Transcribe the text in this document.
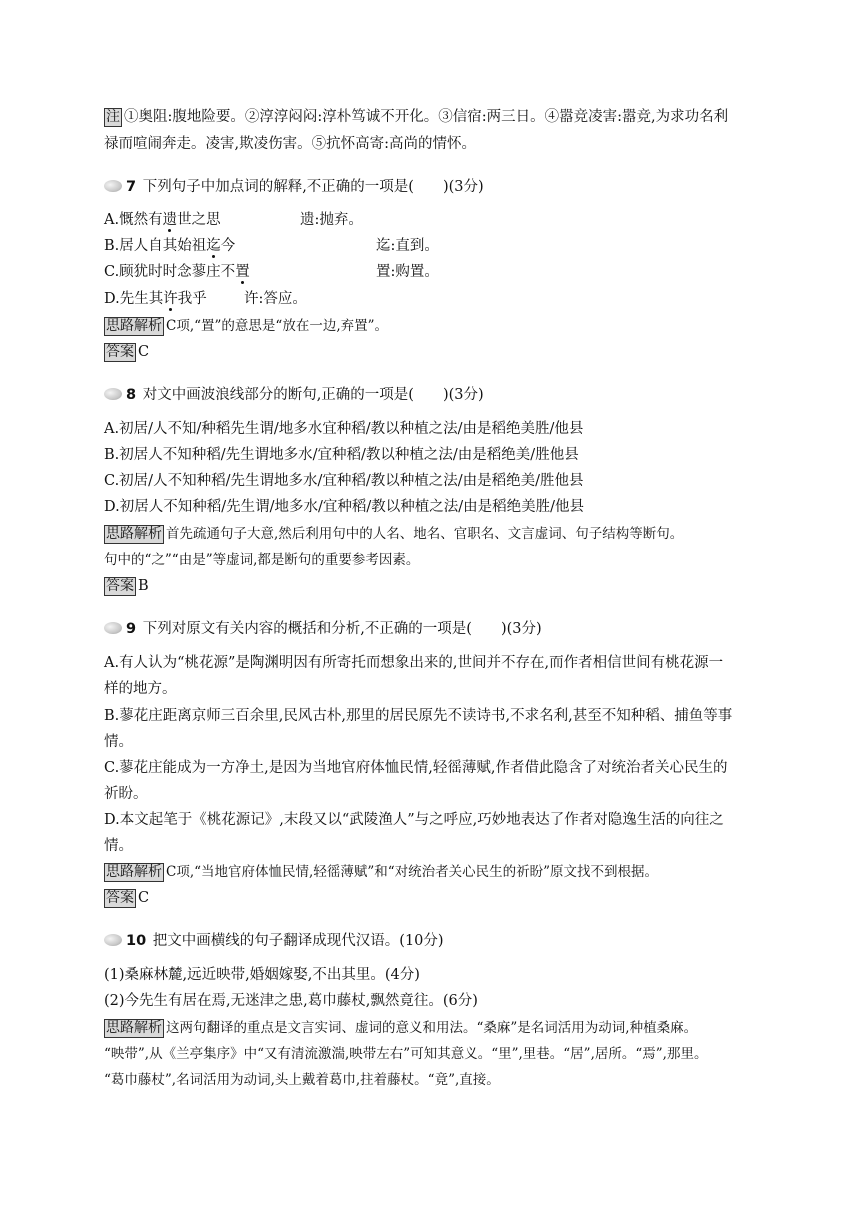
注 ①奥阻:腹地险要。②淳淳闷闷:淳朴笃诚不开化。③信宿:两三日。④嚣竞凌害:嚣竞,为求功名利
禄而喧闹奔走。凌害,欺凌伤害。⑤抗怀高寄:高尚的情怀。
7 下列句子中加点词的解释,不正确的一项是(　　)(3分)
A.慨然有遗世之思	遗:抛弃。
B.居人自其始祖迄今	迄:直到。
C.顾犹时时念蓼庄不置	置:购置。
D.先生其许我乎	许:答应。
思路解析 C项,“置”的意思是“放在一边,弃置”。
答案 C
8 对文中画波浪线部分的断句,正确的一项是(　　)(3分)
A.初居/人不知/种稻先生谓/地多水宜种稻/教以种植之法/由是稻绝美胜/他县
B.初居人不知种稻/先生谓地多水/宜种稻/教以种植之法/由是稻绝美/胜他县
C.初居/人不知种稻/先生谓地多水/宜种稻/教以种植之法/由是稻绝美/胜他县
D.初居人不知种稻/先生谓/地多水/宜种稻/教以种植之法/由是稻绝美胜/他县
思路解析 首先疏通句子大意,然后利用句中的人名、地名、官职名、文言虚词、句子结构等断句。
句中的“之”“由是”等虚词,都是断句的重要参考因素。
答案 B
9 下列对原文有关内容的概括和分析,不正确的一项是(　　)(3分)
A.有人认为“桃花源”是陶渊明因有所寄托而想象出来的,世间并不存在,而作者相信世间有桃花源一
样的地方。
B.蓼花庄距离京师三百余里,民风古朴,那里的居民原先不读诗书,不求名利,甚至不知种稻、捕鱼等事
情。
C.蓼花庄能成为一方净土,是因为当地官府体恤民情,轻徭薄赋,作者借此隐含了对统治者关心民生的
祈盼。
D.本文起笔于《桃花源记》,末段又以“武陵渔人”与之呼应,巧妙地表达了作者对隐逸生活的向往之
情。
思路解析 C项,“当地官府体恤民情,轻徭薄赋”和“对统治者关心民生的祈盼”原文找不到根据。
答案 C
10 把文中画横线的句子翻译成现代汉语。(10分)
(1)桑麻林麓,远近映带,婚姻嫁娶,不出其里。(4分)
(2)今先生有居在焉,无迷津之患,葛巾藤杖,飘然竟往。(6分)
思路解析 这两句翻译的重点是文言实词、虚词的意义和用法。“桑麻”是名词活用为动词,种植桑麻。
“映带”,从《兰亭集序》中“又有清流激湍,映带左右”可知其意义。“里”,里巷。“居”,居所。“焉”,那里。
“葛巾藤杖”,名词活用为动词,头上戴着葛巾,拄着藤杖。“竟”,直接。
